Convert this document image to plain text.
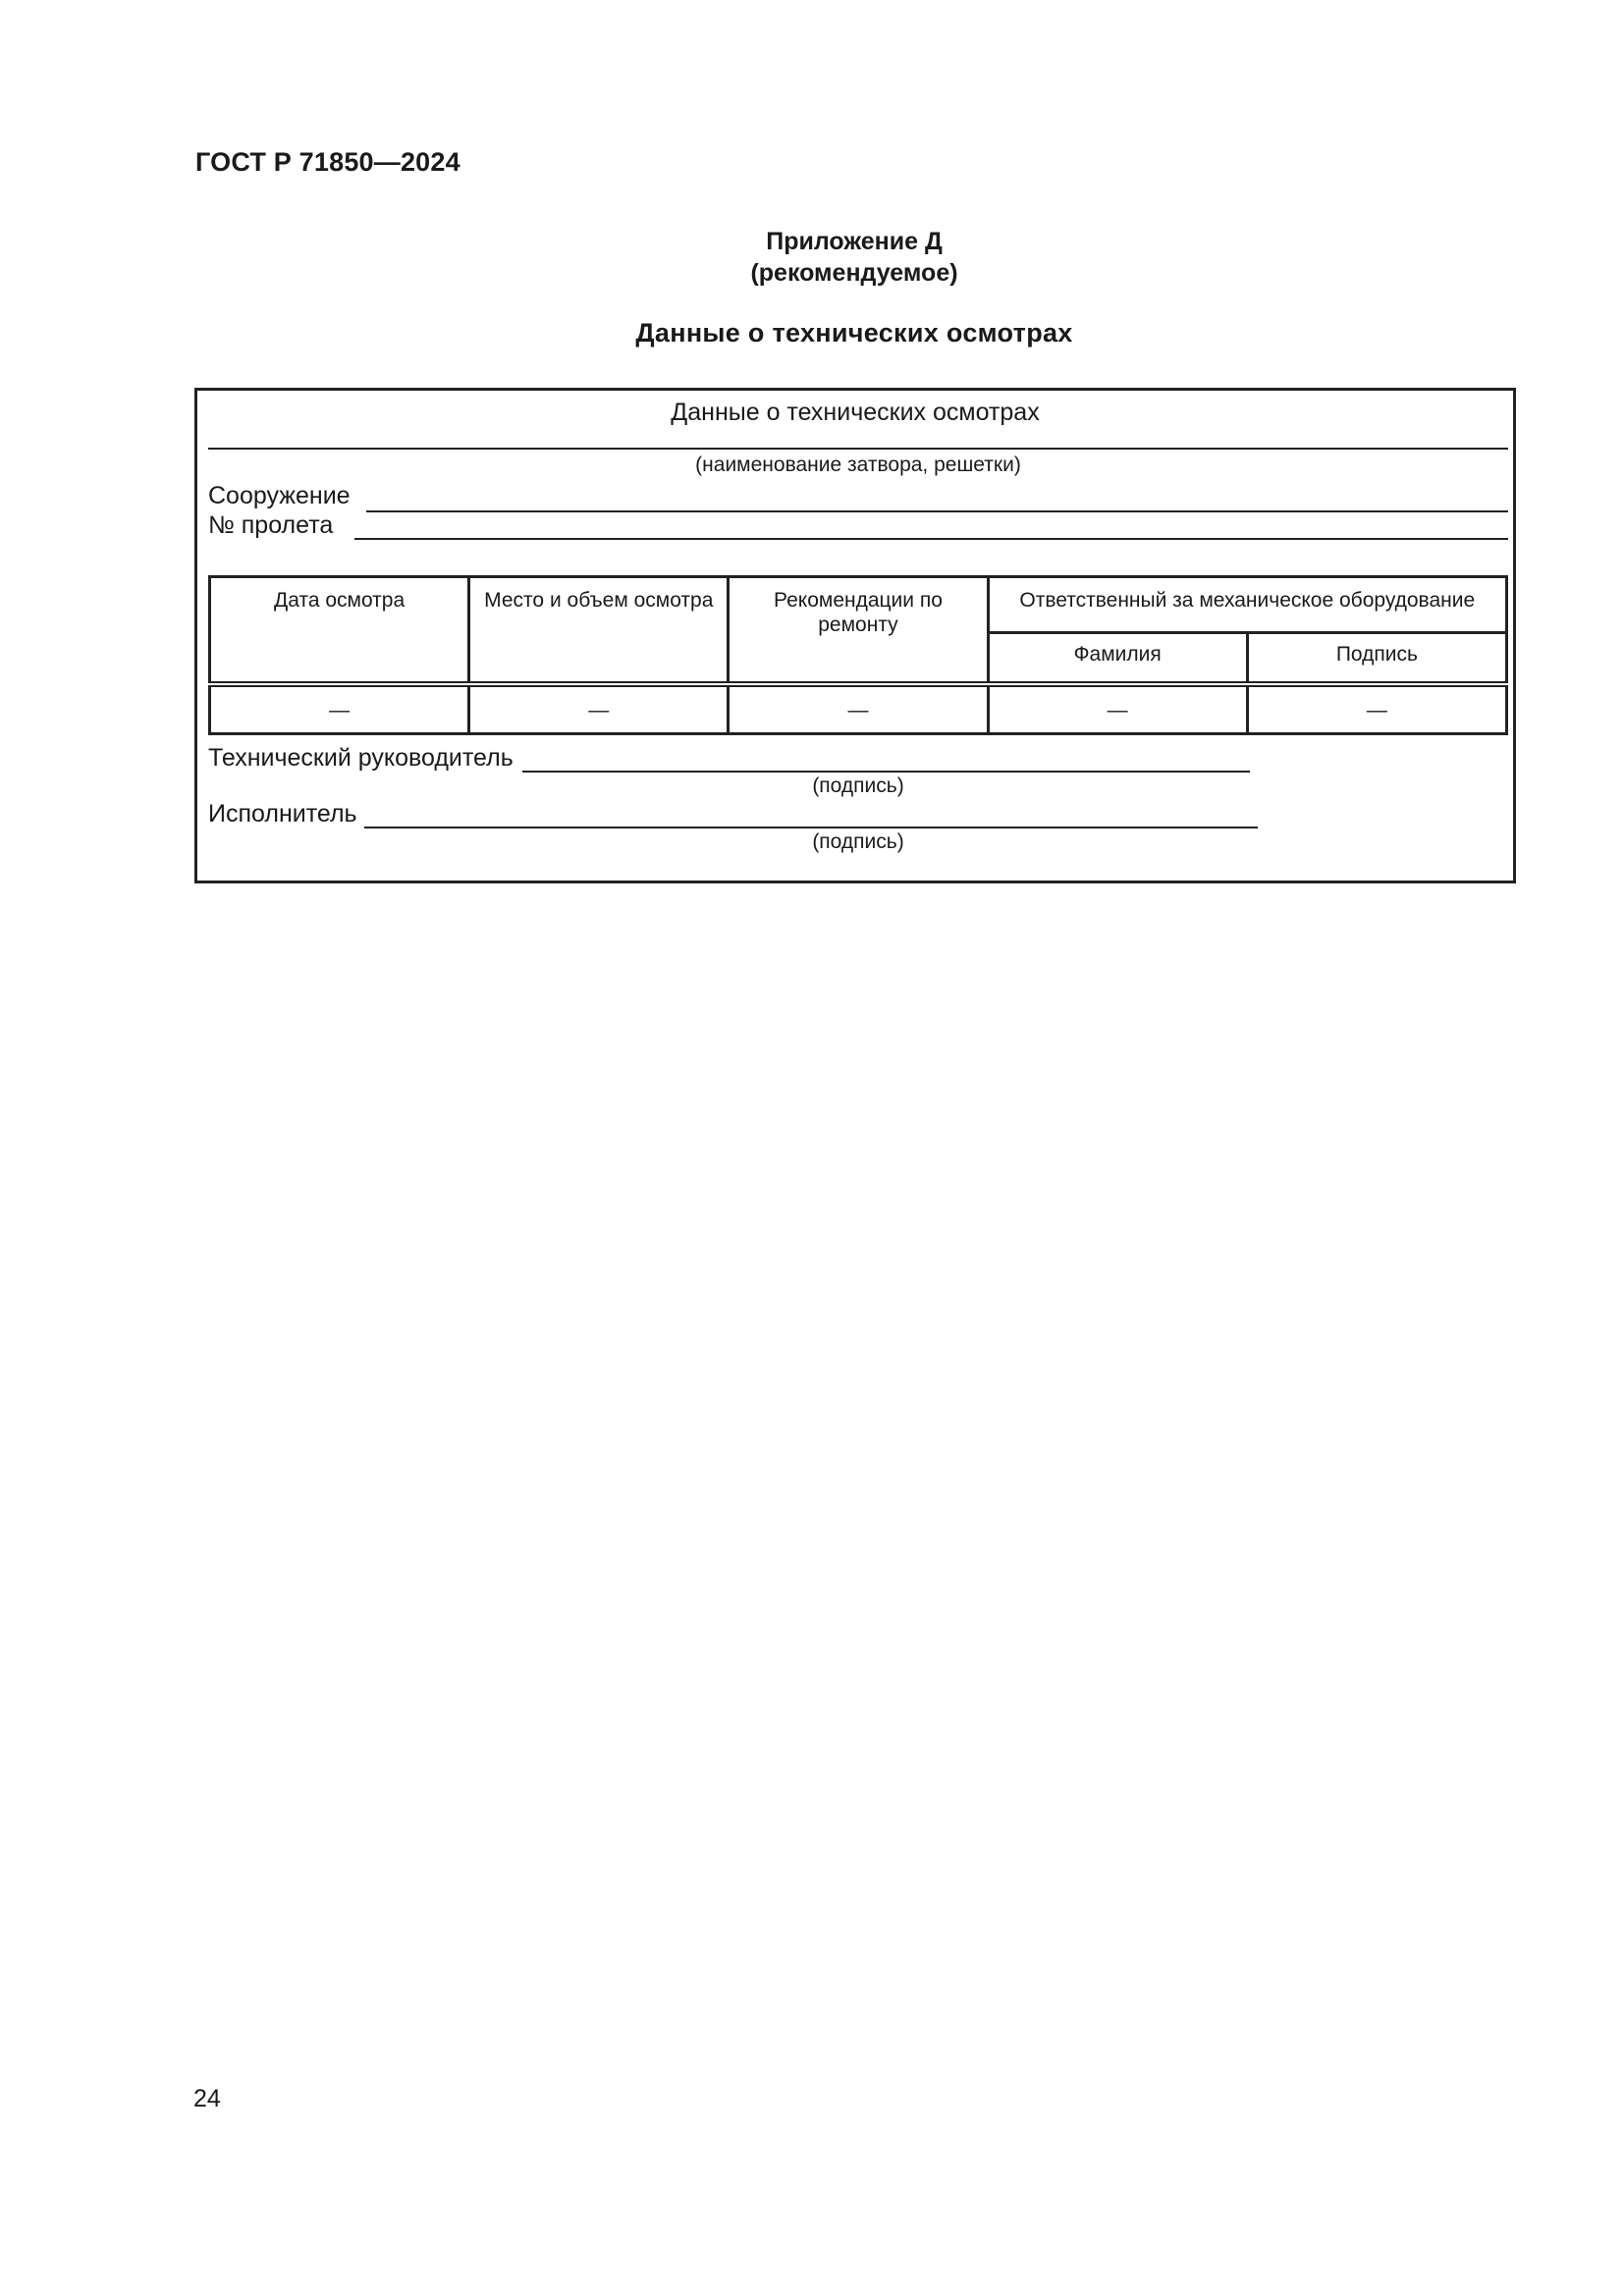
ГОСТ Р 71850—2024
Приложение Д
(рекомендуемое)
Данные о технических осмотрах
Данные о технических осмотрах
(наименование затвора, решетки)
Сооружение
№ пролета
Дата осмотра	Место и объем осмотра	Рекомендации по ремонту	Ответственный за механическое оборудование	
			Фамилия	Подпись
—	—	—	—	—
Технический руководитель
(подпись)
Исполнитель
(подпись)
24
